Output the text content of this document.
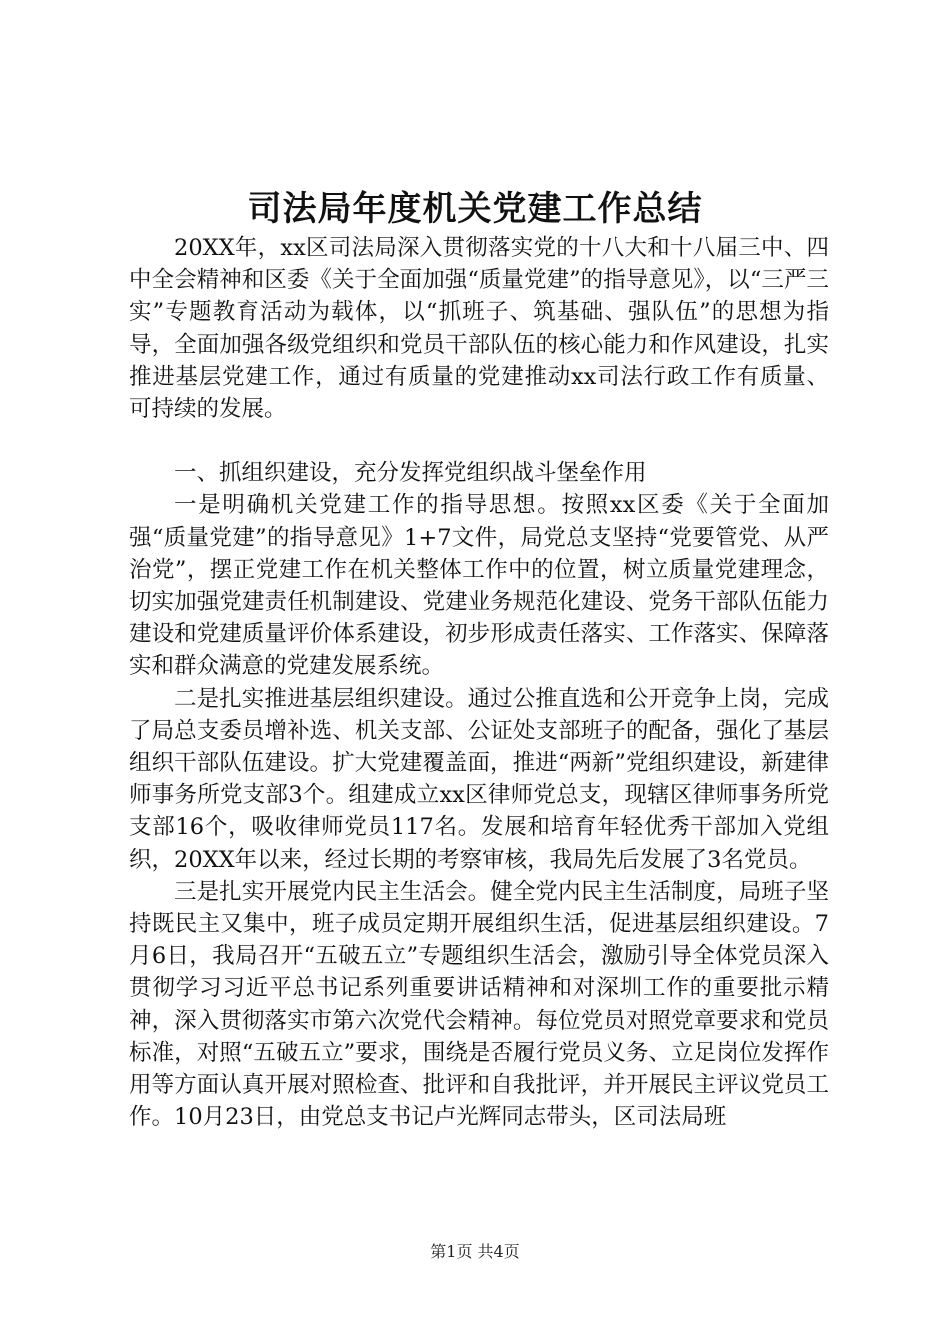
司法局年度机关党建工作总结

20XX年，xx区司法局深入贯彻落实党的十八大和十八届三中、四中全会精神和区委《关于全面加强“质量党建”的指导意见》，以“三严三实”专题教育活动为载体，以“抓班子、筑基础、强队伍”的思想为指导，全面加强各级党组织和党员干部队伍的核心能力和作风建设，扎实推进基层党建工作，通过有质量的党建推动xx司法行政工作有质量、可持续的发展。

一、抓组织建设，充分发挥党组织战斗堡垒作用

一是明确机关党建工作的指导思想。按照xx区委《关于全面加强“质量党建”的指导意见》1+7文件，局党总支坚持“党要管党、从严治党”，摆正党建工作在机关整体工作中的位置，树立质量党建理念，切实加强党建责任机制建设、党建业务规范化建设、党务干部队伍能力建设和党建质量评价体系建设，初步形成责任落实、工作落实、保障落实和群众满意的党建发展系统。

二是扎实推进基层组织建设。通过公推直选和公开竞争上岗，完成了局总支委员增补选、机关支部、公证处支部班子的配备，强化了基层组织干部队伍建设。扩大党建覆盖面，推进“两新”党组织建设，新建律师事务所党支部3个。组建成立xx区律师党总支，现辖区律师事务所党支部16个，吸收律师党员117名。发展和培育年轻优秀干部加入党组织，20XX年以来，经过长期的考察审核，我局先后发展了3名党员。

三是扎实开展党内民主生活会。健全党内民主生活制度，局班子坚持既民主又集中，班子成员定期开展组织生活，促进基层组织建设。7月6日，我局召开“五破五立”专题组织生活会，激励引导全体党员深入贯彻学习习近平总书记系列重要讲话精神和对深圳工作的重要批示精神，深入贯彻落实市第六次党代会精神。每位党员对照党章要求和党员标准，对照“五破五立”要求，围绕是否履行党员义务、立足岗位发挥作用等方面认真开展对照检查、批评和自我批评，并开展民主评议党员工作。10月23日，由党总支书记卢光辉同志带头，区司法局班

第1页 共4页
